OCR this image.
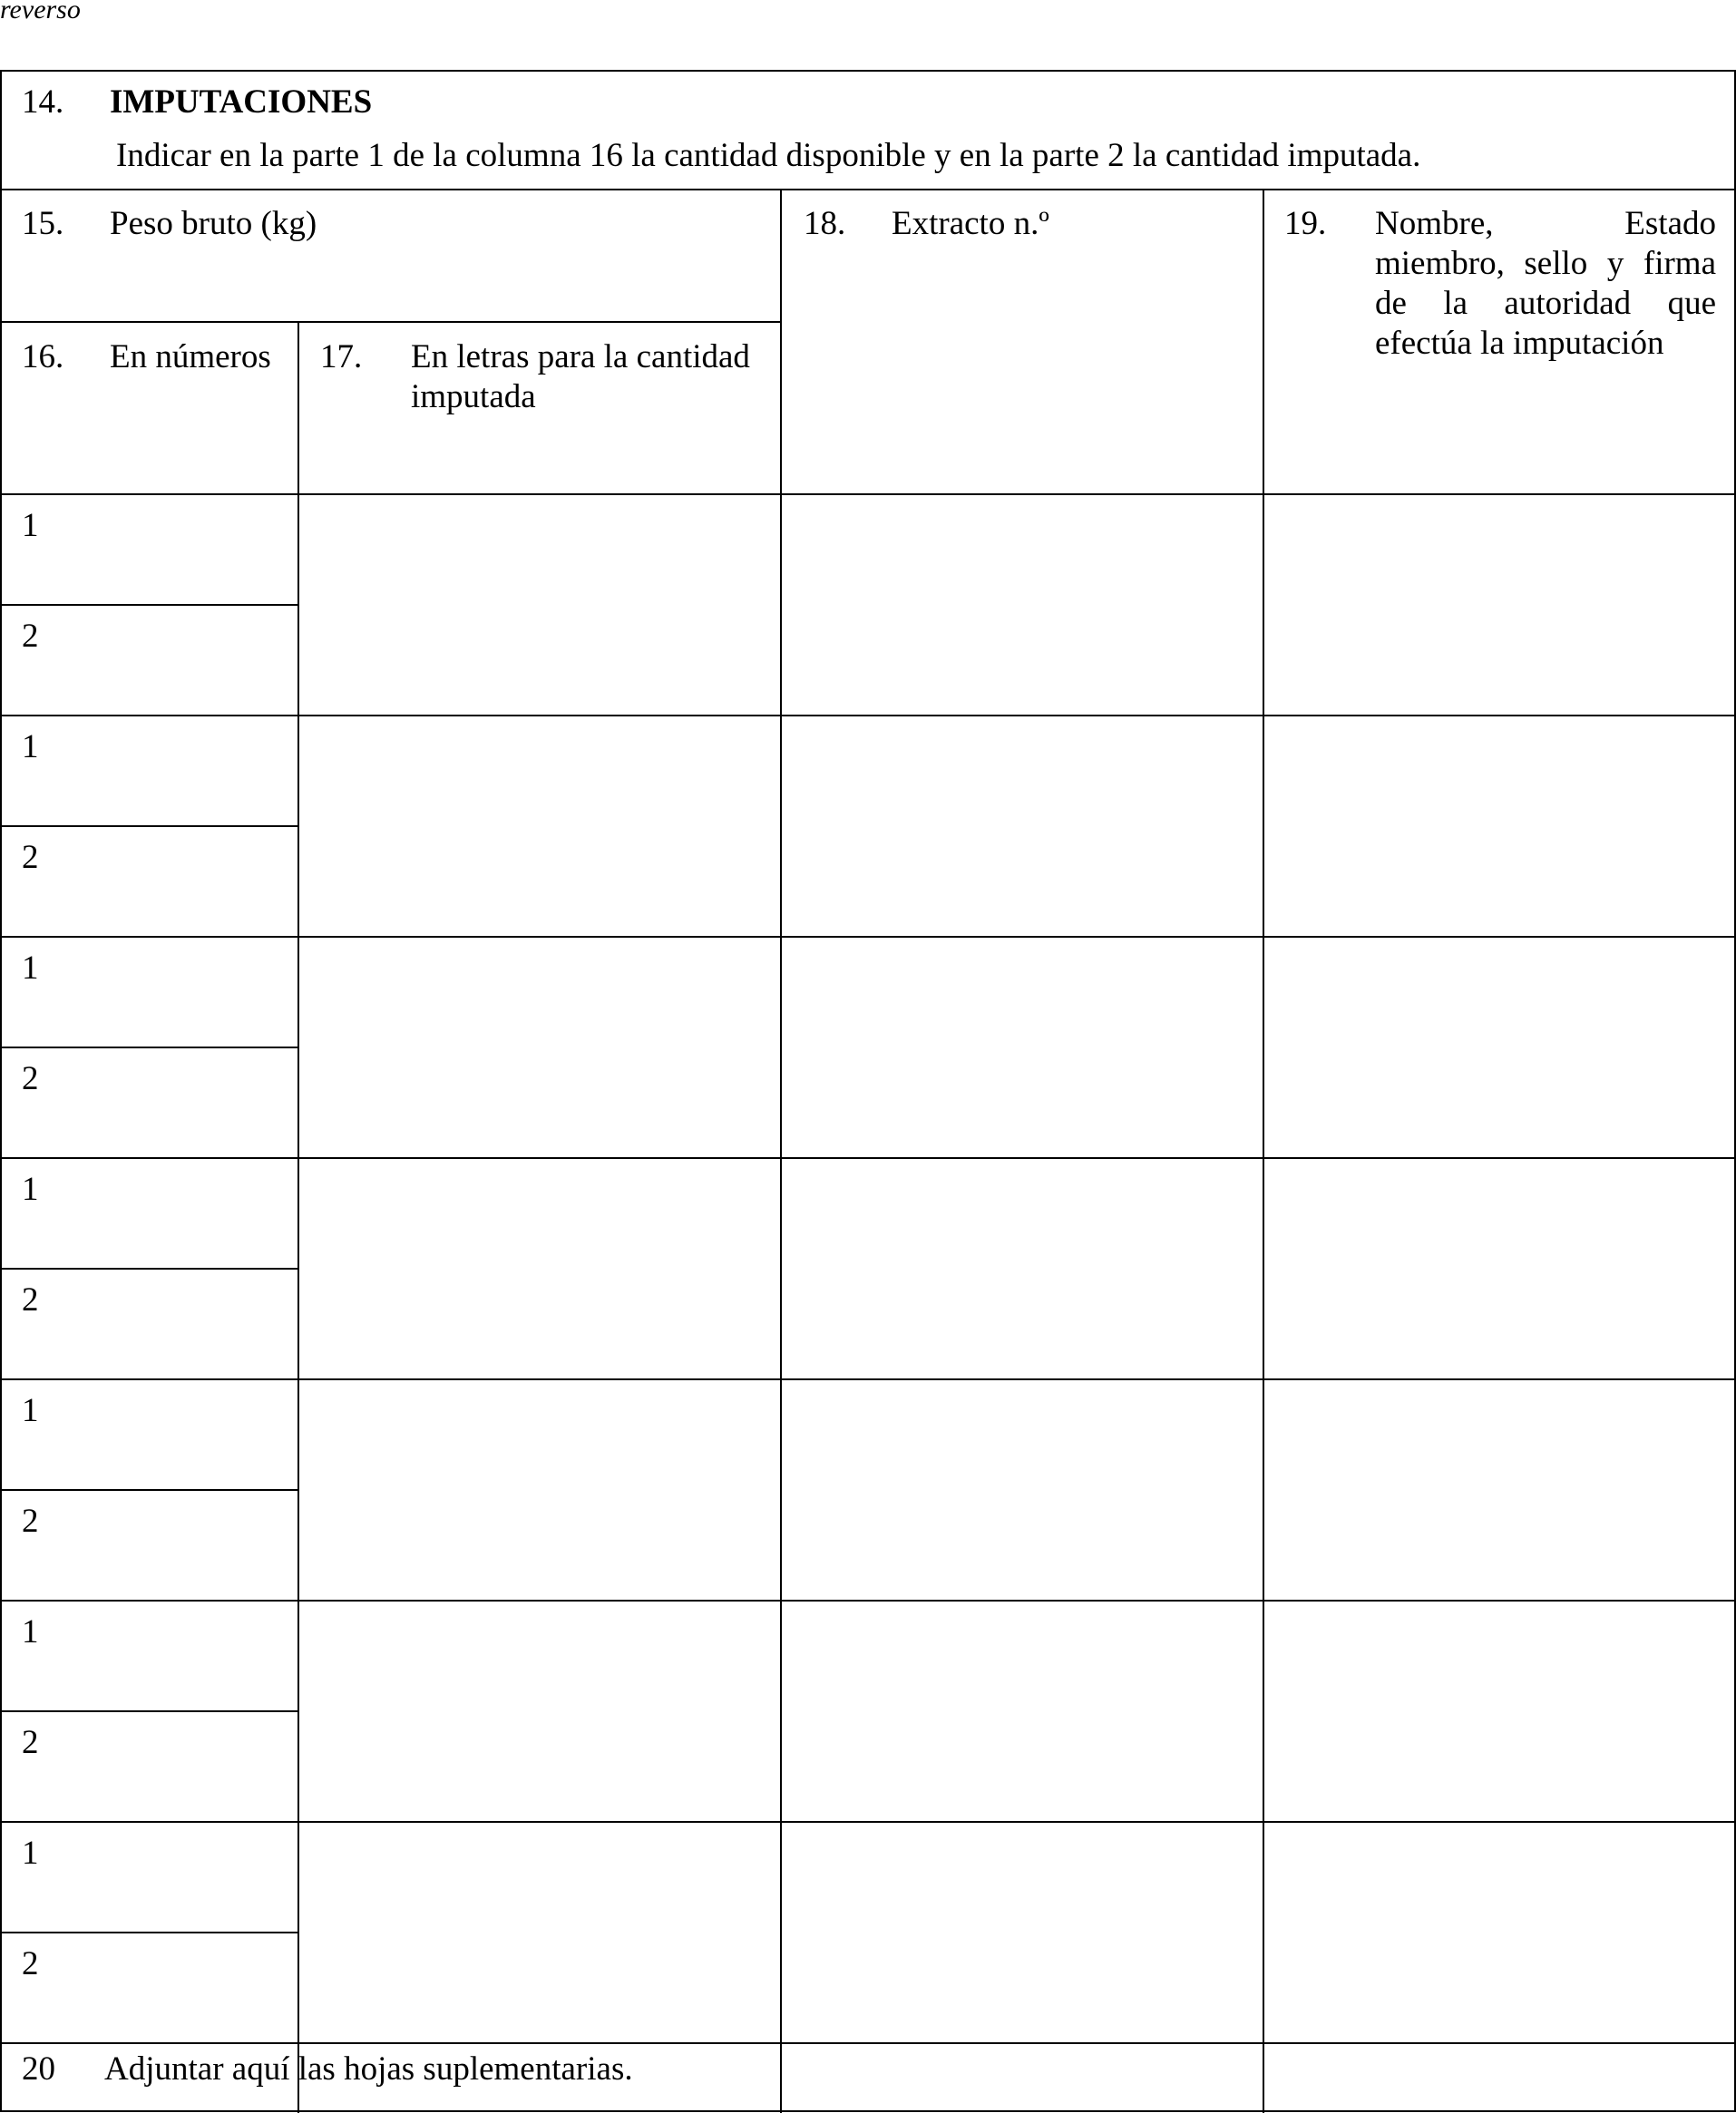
reverso
14. IMPUTACIONES
Indicar en la parte 1 de la columna 16 la cantidad disponible y en la parte 2 la cantidad imputada.
15. Peso bruto (kg)
16. En números 17. En letras para la cantidad imputada
18. Extracto n.º	19. Nombre, Estado miembro, sello y firma de la autoridad que efectúa la imputación
1
2
1
2
1
2
1
2
1
2
1
2
1
2
20 Adjuntar aquí las hojas suplementarias.
